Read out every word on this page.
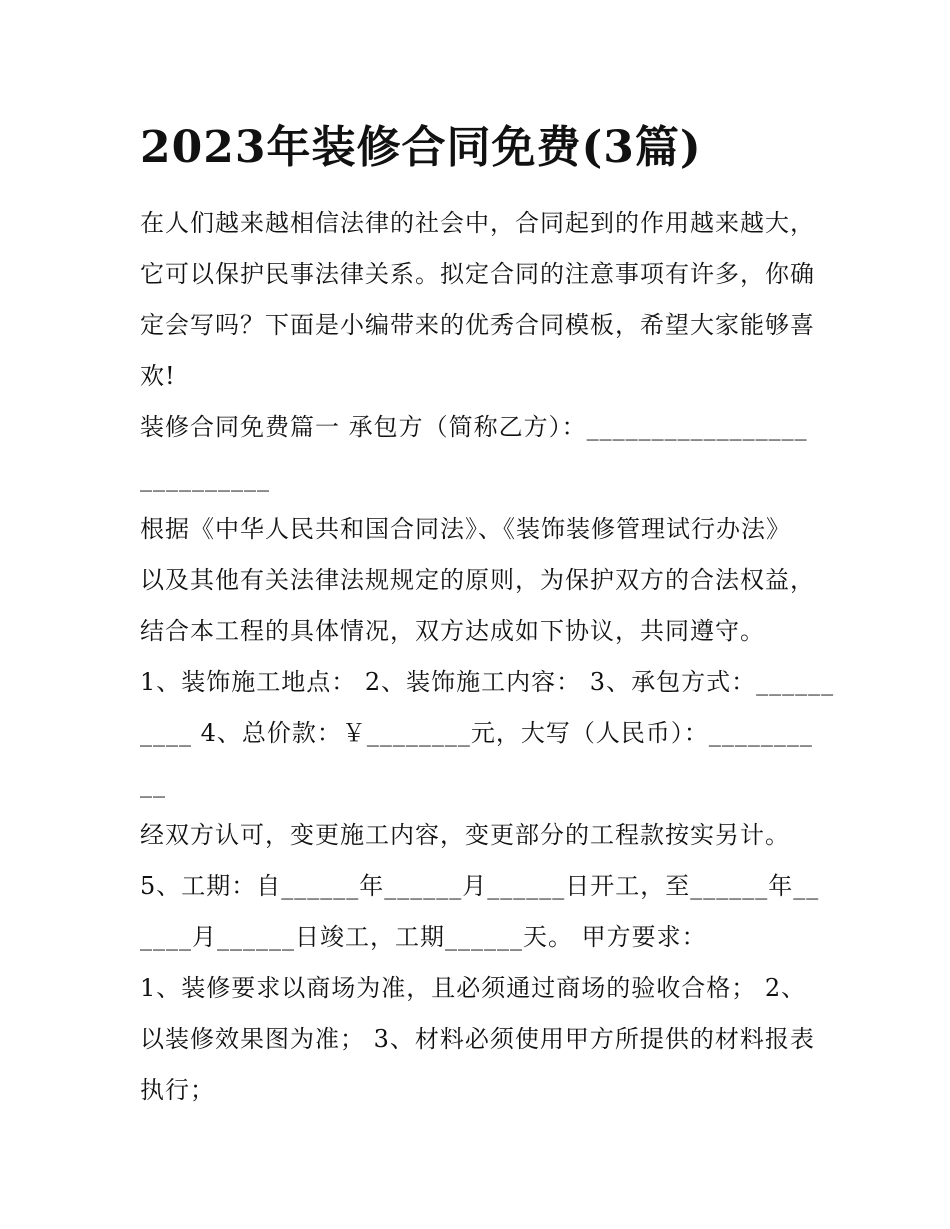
2023年装修合同免费(3篇)

在人们越来越相信法律的社会中，合同起到的作用越来越大，它可以保护民事法律关系。拟定合同的注意事项有许多，你确定会写吗？下面是小编带来的优秀合同模板，希望大家能够喜欢!

装修合同免费篇一 承包方（简称乙方）：_________________

__________

根据《中华人民共和国合同法》、《装饰装修管理试行办法》以及其他有关法律法规规定的原则，为保护双方的合法权益，结合本工程的具体情况，双方达成如下协议，共同遵守。

1、装饰施工地点： 2、装饰施工内容： 3、承包方式：______

____ 4、总价款：￥________元，大写（人民币）：________

__

经双方认可，变更施工内容，变更部分的工程款按实另计。

5、工期：自______年______月______日开工，至______年__

____月______日竣工，工期______天。 甲方要求：

1、装修要求以商场为准，且必须通过商场的验收合格； 2、以装修效果图为准； 3、材料必须使用甲方所提供的材料报表执行；
